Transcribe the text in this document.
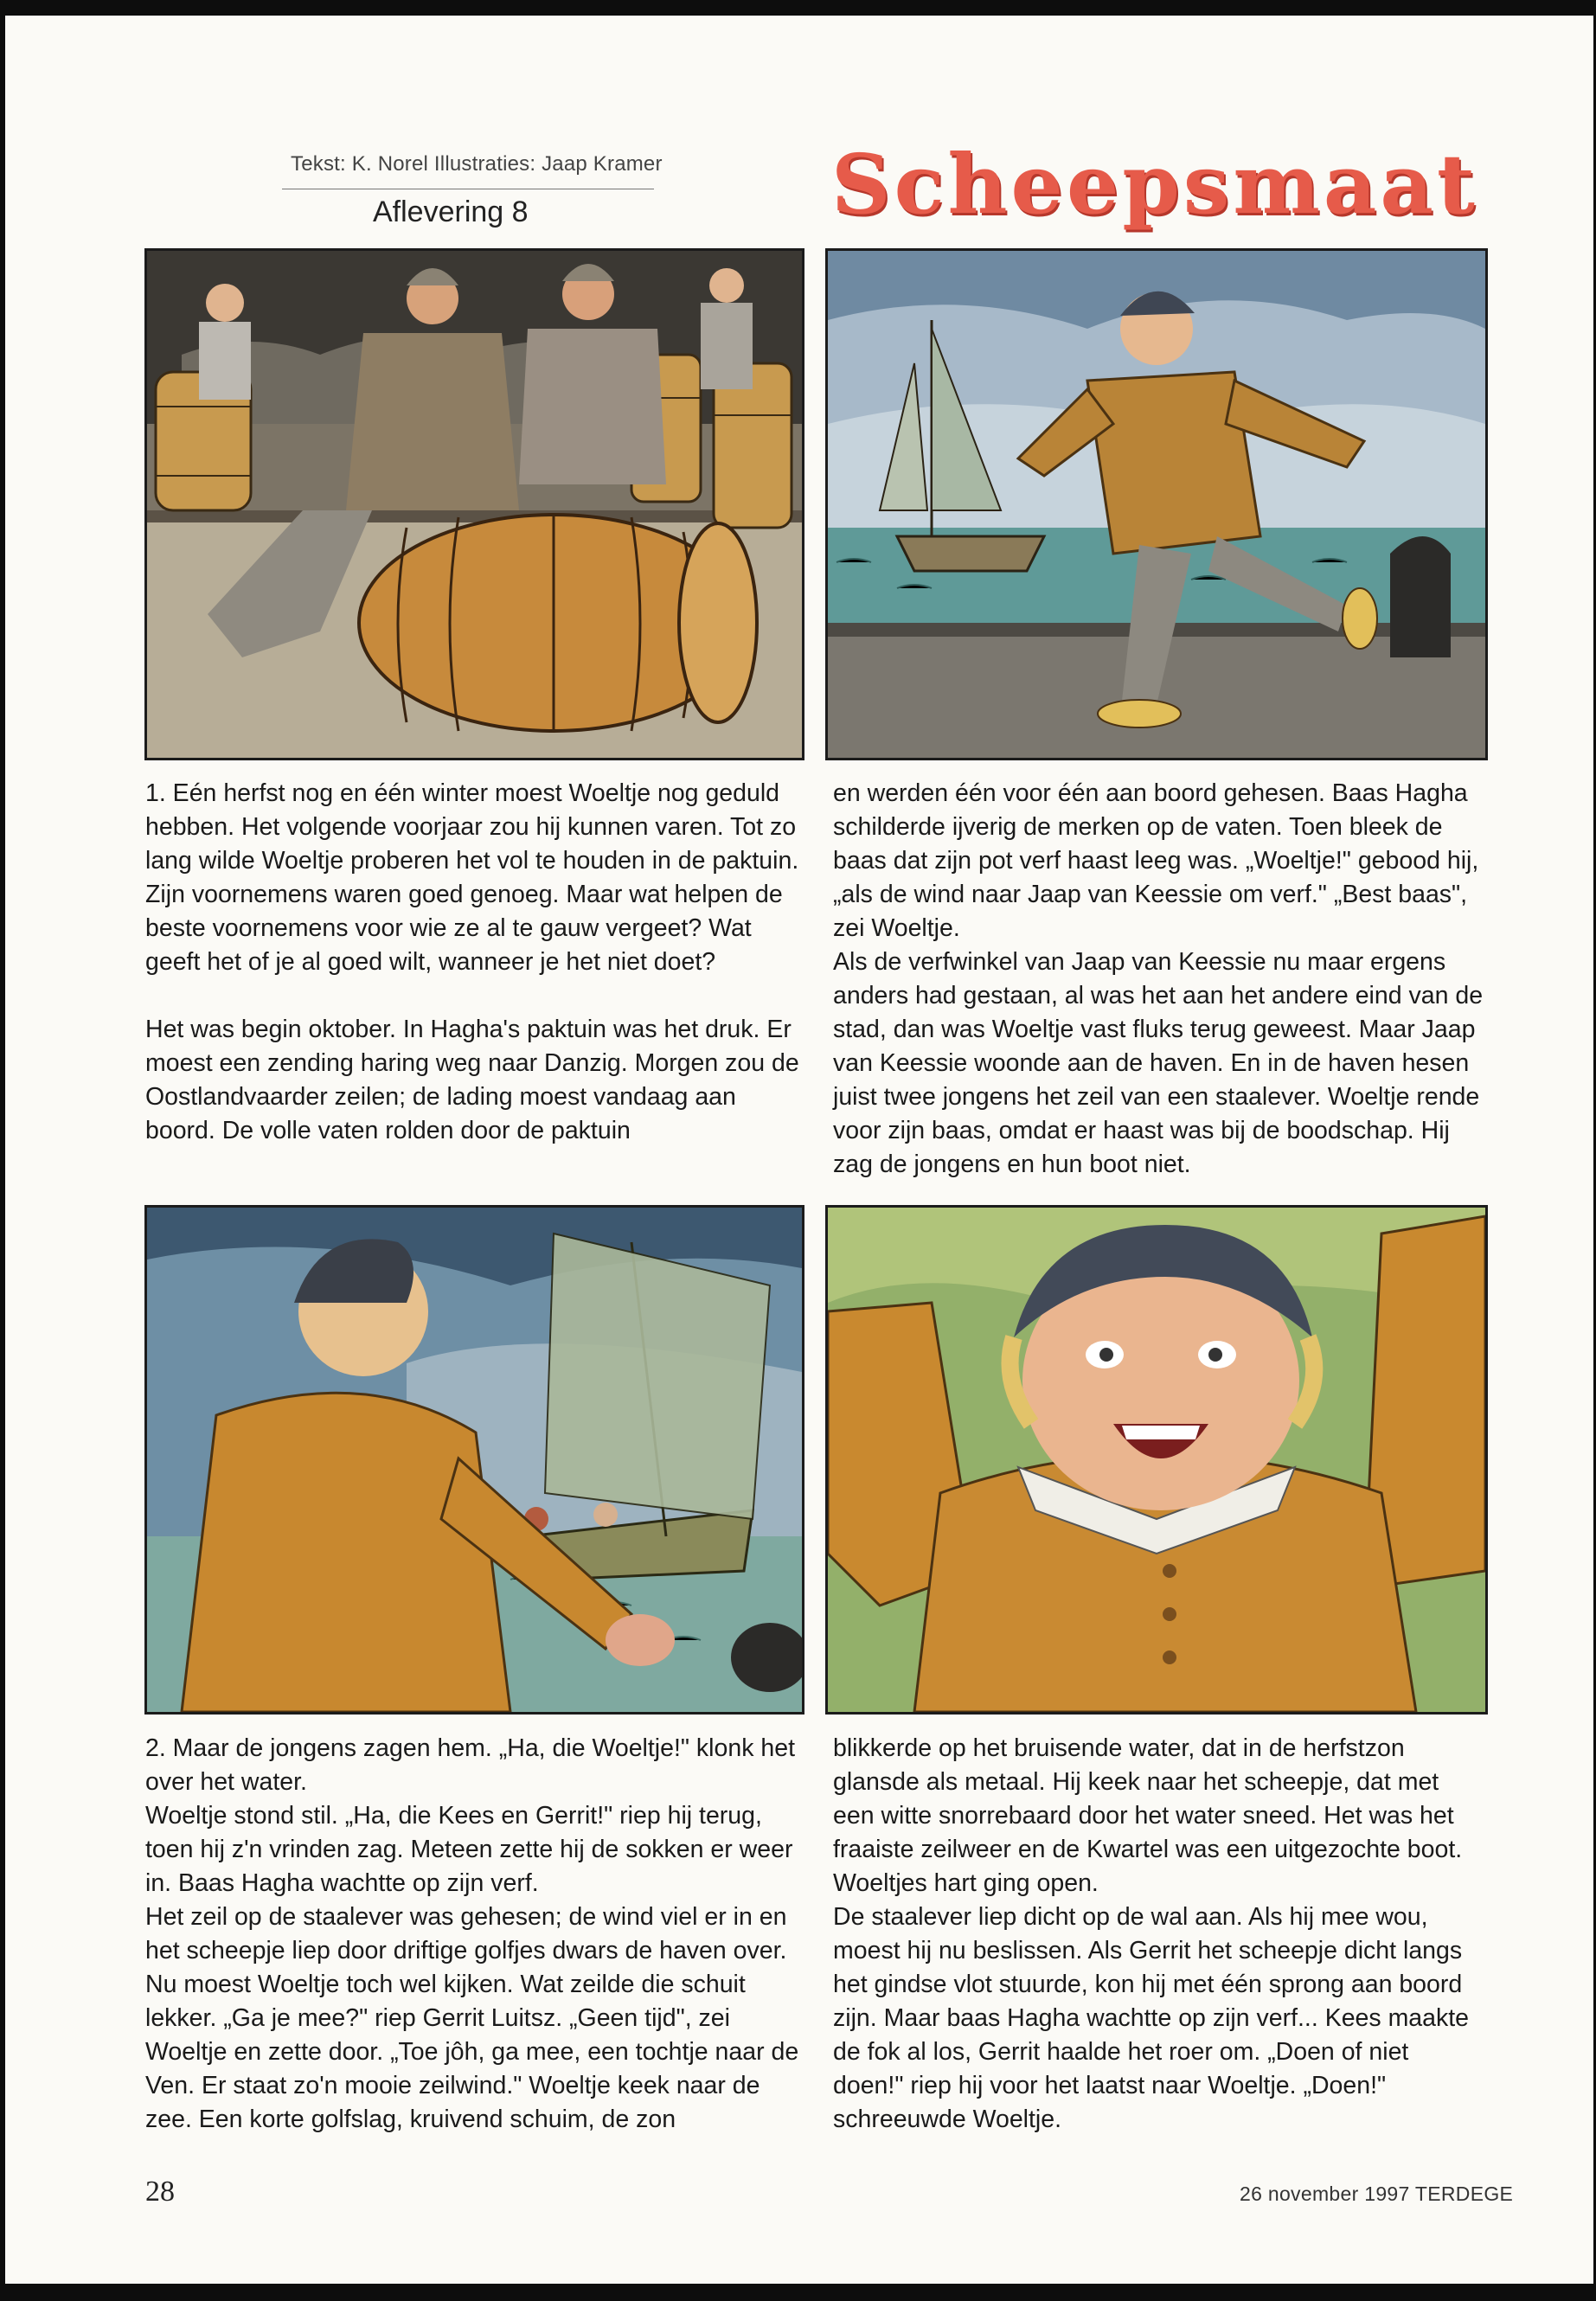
Tekst: K. Norel Illustraties: Jaap Kramer
Aflevering 8	Scheepsmaat

1. Eén herfst nog en één winter moest Woeltje nog geduld hebben. Het volgende voorjaar zou hij kunnen varen. Tot zo lang wilde Woeltje proberen het vol te houden in de paktuin. Zijn voornemens waren goed genoeg. Maar wat helpen de beste voornemens voor wie ze al te gauw vergeet? Wat geeft het of je al goed wilt, wanneer je het niet doet?

Het was begin oktober. In Hagha's paktuin was het druk. Er moest een zending haring weg naar Danzig. Morgen zou de Oostlandvaarder zeilen; de lading moest vandaag aan boord. De volle vaten rolden door de paktuin

en werden één voor één aan boord gehesen. Baas Hagha schilderde ijverig de merken op de vaten. Toen bleek de baas dat zijn pot verf haast leeg was. „Woeltje!" gebood hij, „als de wind naar Jaap van Keessie om verf." „Best baas", zei Woeltje.

Als de verfwinkel van Jaap van Keessie nu maar ergens anders had gestaan, al was het aan het andere eind van de stad, dan was Woeltje vast fluks terug geweest. Maar Jaap van Keessie woonde aan de haven. En in de haven hesen juist twee jongens het zeil van een staalever. Woeltje rende voor zijn baas, omdat er haast was bij de boodschap. Hij zag de jongens en hun boot niet.

2. Maar de jongens zagen hem. „Ha, die Woeltje!" klonk het over het water.

Woeltje stond stil. „Ha, die Kees en Gerrit!" riep hij terug, toen hij z'n vrinden zag. Meteen zette hij de sokken er weer in. Baas Hagha wachtte op zijn verf.

Het zeil op de staalever was gehesen; de wind viel er in en het scheepje liep door driftige golfjes dwars de haven over. Nu moest Woeltje toch wel kijken. Wat zeilde die schuit lekker. „Ga je mee?" riep Gerrit Luitsz. „Geen tijd", zei Woeltje en zette door. „Toe jôh, ga mee, een tochtje naar de Ven. Er staat zo'n mooie zeilwind." Woeltje keek naar de zee. Een korte golfslag, kruivend schuim, de zon

blikkerde op het bruisende water, dat in de herfstzon glansde als metaal. Hij keek naar het scheepje, dat met een witte snorrebaard door het water sneed. Het was het fraaiste zeilweer en de Kwartel was een uitgezochte boot. Woeltjes hart ging open.

De staalever liep dicht op de wal aan. Als hij mee wou, moest hij nu beslissen. Als Gerrit het scheepje dicht langs het gindse vlot stuurde, kon hij met één sprong aan boord zijn. Maar baas Hagha wachtte op zijn verf... Kees maakte de fok al los, Gerrit haalde het roer om. „Doen of niet doen!" riep hij voor het laatst naar Woeltje. „Doen!" schreeuwde Woeltje.

28	26 november 1997 TERDEGE
